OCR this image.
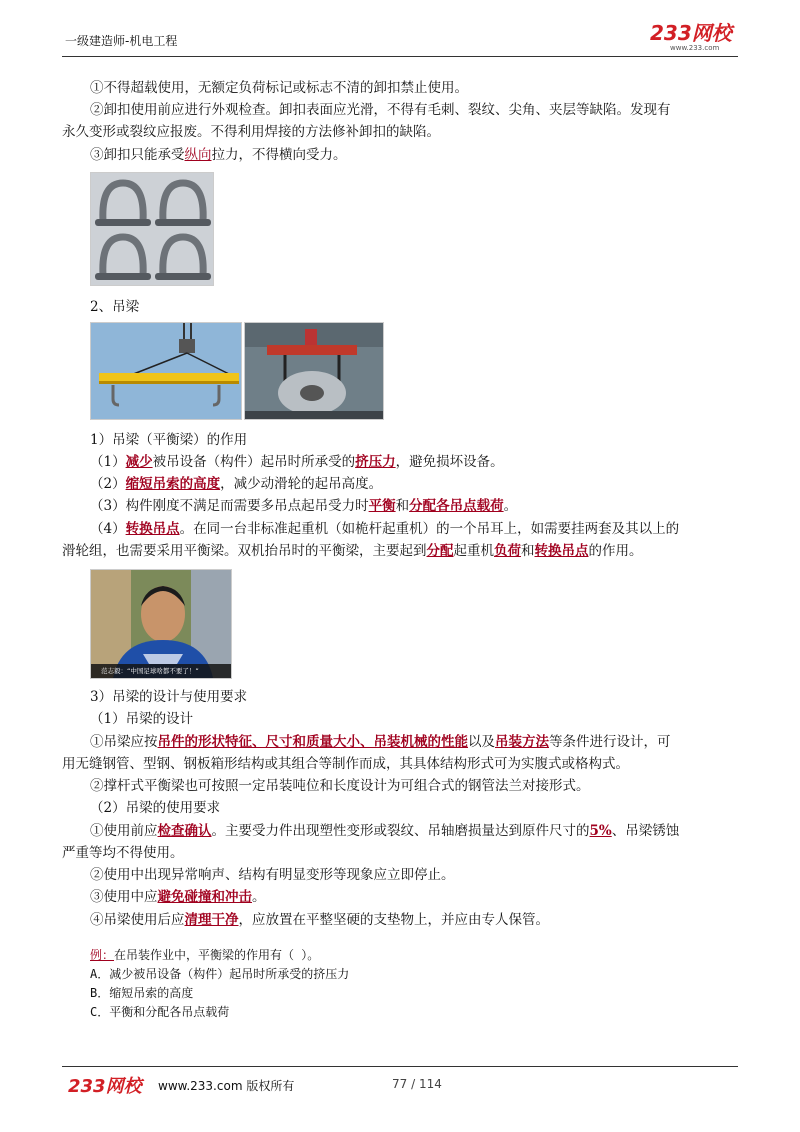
一级建造师-机电工程	233网校
www.233.com
①不得超载使用，无额定负荷标记或标志不清的卸扣禁止使用。
②卸扣使用前应进行外观检查。卸扣表面应光滑，不得有毛刺、裂纹、尖角、夹层等缺陷。发现有
永久变形或裂纹应报废。不得利用焊接的方法修补卸扣的缺陷。
③卸扣只能承受纵向拉力，不得横向受力。
2、吊梁
1）吊梁（平衡梁）的作用
（1）减少被吊设备（构件）起吊时所承受的挤压力，避免损坏设备。
（2）缩短吊索的高度，减少动滑轮的起吊高度。
（3）构件刚度不满足而需要多吊点起吊受力时平衡和分配各吊点载荷。
（4）转换吊点。在同一台非标准起重机（如桅杆起重机）的一个吊耳上，如需要挂两套及其以上的
滑轮组，也需要采用平衡梁。双机抬吊时的平衡梁，主要起到分配起重机负荷和转换吊点的作用。
范志毅：“中国足球啥都不要了！”
3）吊梁的设计与使用要求
（1）吊梁的设计
①吊梁应按吊件的形状特征、尺寸和质量大小、吊装机械的性能以及吊装方法等条件进行设计，可
用无缝钢管、型钢、钢板箱形结构或其组合等制作而成，其具体结构形式可为实腹式或格构式。
②撑杆式平衡梁也可按照一定吊装吨位和长度设计为可组合式的钢管法兰对接形式。
（2）吊梁的使用要求
①使用前应检查确认。主要受力件出现塑性变形或裂纹、吊轴磨损量达到原件尺寸的5%、吊梁锈蚀
严重等均不得使用。
②使用中出现异常响声、结构有明显变形等现象应立即停止。
③使用中应避免碰撞和冲击。
④吊梁使用后应清理干净，应放置在平整坚硬的支垫物上，并应由专人保管。
例：在吊装作业中，平衡梁的作用有（ ）。
A．减少被吊设备（构件）起吊时所承受的挤压力
B．缩短吊索的高度
C．平衡和分配各吊点载荷
233网校 www.233.com 版权所有	77 / 114
